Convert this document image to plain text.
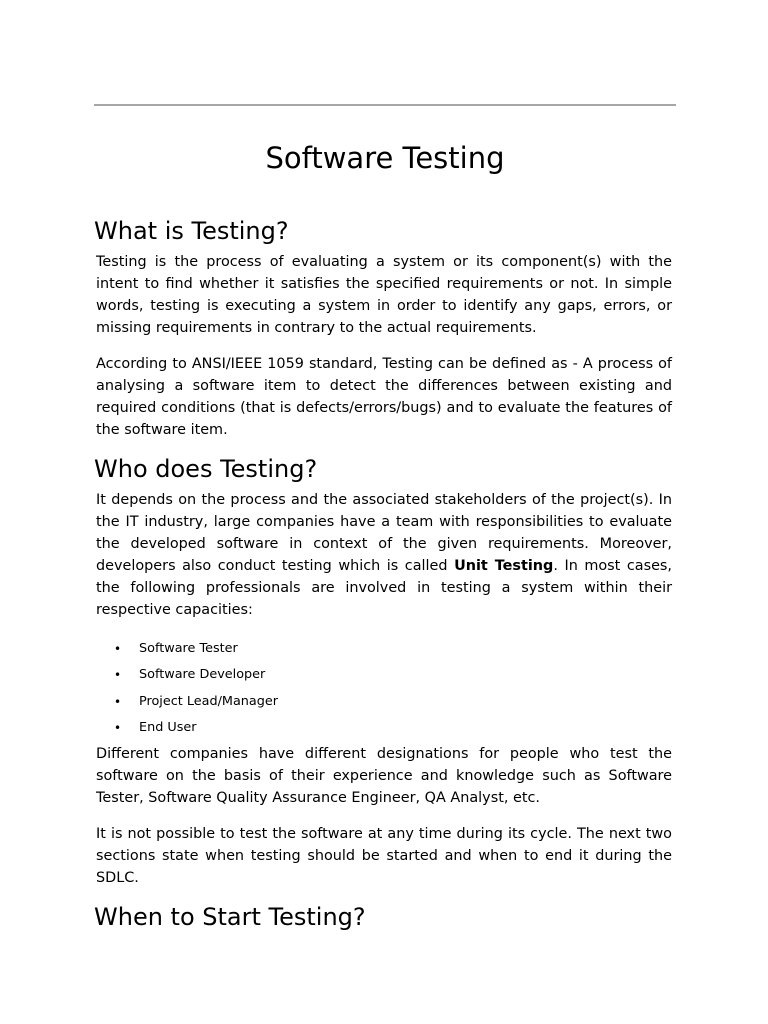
Software Testing
What is Testing?

Testing is the process of evaluating a system or its component(s) with the intent to find whether it satisfies the specified requirements or not. In simple words, testing is executing a system in order to identify any gaps, errors, or missing requirements in contrary to the actual requirements.

According to ANSI/IEEE 1059 standard, Testing can be defined as - A process of analysing a software item to detect the differences between existing and required conditions (that is defects/errors/bugs) and to evaluate the features of the software item.

Who does Testing?

It depends on the process and the associated stakeholders of the project(s). In the IT industry, large companies have a team with responsibilities to evaluate the developed software in context of the given requirements. Moreover, developers also conduct testing which is called Unit Testing. In most cases, the following professionals are involved in testing a system within their respective capacities:

• Software Tester
• Software Developer
• Project Lead/Manager
• End User

Different companies have different designations for people who test the software on the basis of their experience and knowledge such as Software Tester, Software Quality Assurance Engineer, QA Analyst, etc.

It is not possible to test the software at any time during its cycle. The next two sections state when testing should be started and when to end it during the SDLC.

When to Start Testing?
